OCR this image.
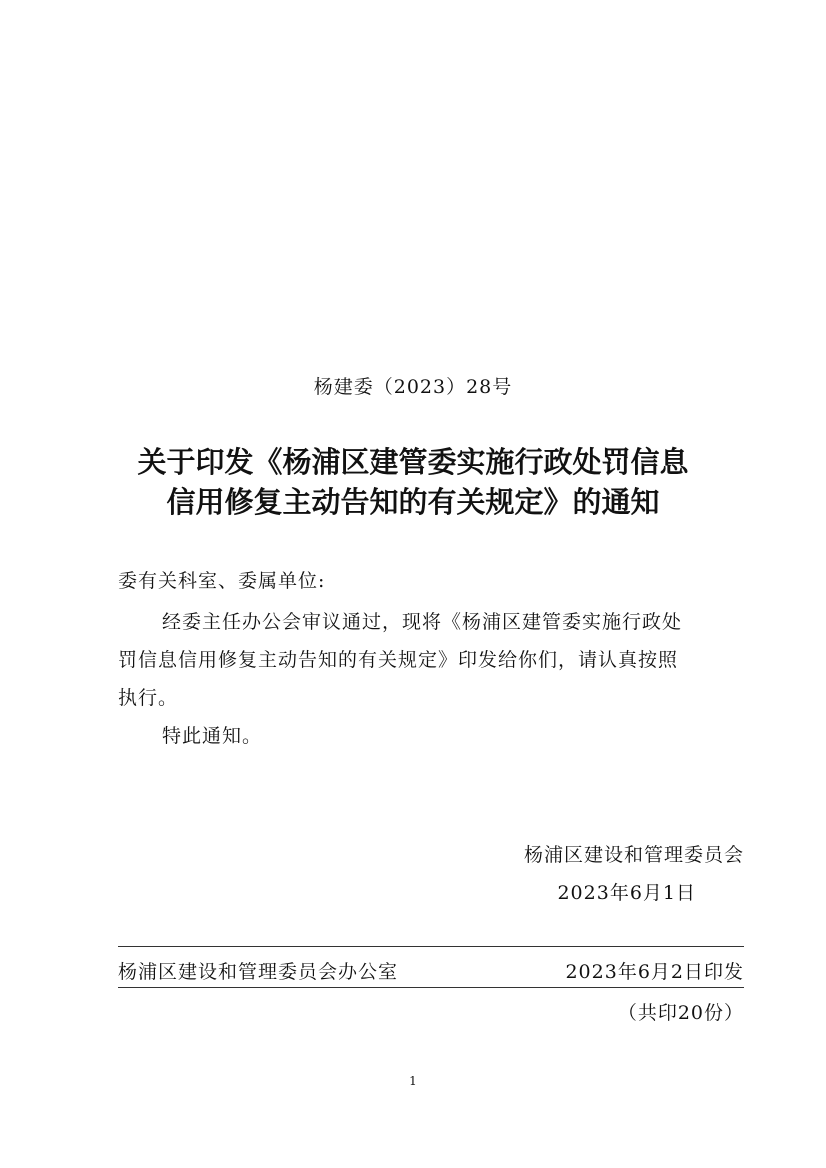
杨建委（2023）28号
关于印发《杨浦区建管委实施行政处罚信息
信用修复主动告知的有关规定》的通知
委有关科室、委属单位:
经委主任办公会审议通过，现将《杨浦区建管委实施行政处
罚信息信用修复主动告知的有关规定》印发给你们，请认真按照
执行。
特此通知。
杨浦区建设和管理委员会
2023年6月1日
杨浦区建设和管理委员会办公室	2023年6月2日印发
（共印20份）
1
